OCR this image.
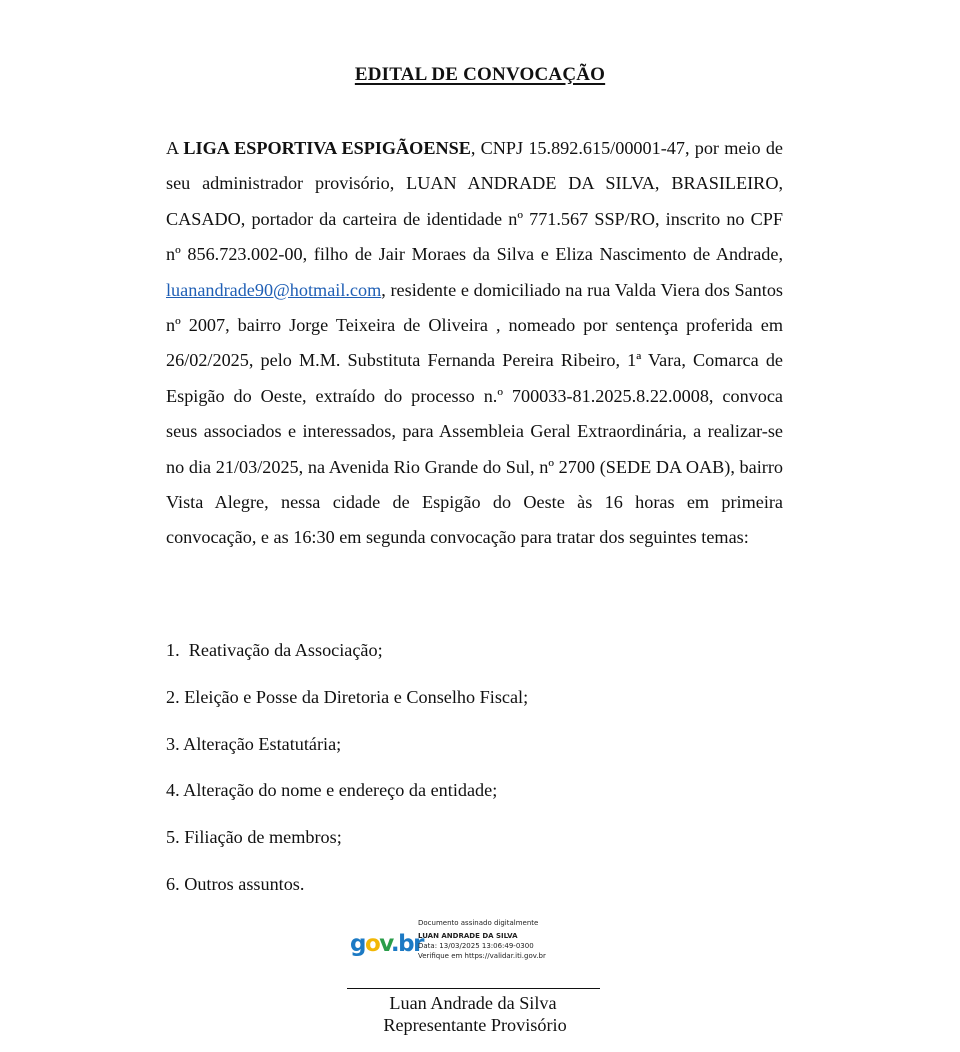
EDITAL DE CONVOCAÇÃO
A LIGA ESPORTIVA ESPIGÃOENSE, CNPJ 15.892.615/00001-47, por meio de seu administrador provisório, LUAN ANDRADE DA SILVA, BRASILEIRO, CASADO, portador da carteira de identidade nº 771.567 SSP/RO, inscrito no CPF nº 856.723.002-00, filho de Jair Moraes da Silva e Eliza Nascimento de Andrade, luanandrade90@hotmail.com, residente e domiciliado na rua Valda Viera dos Santos nº 2007, bairro Jorge Teixeira de Oliveira , nomeado por sentença proferida em 26/02/2025, pelo M.M. Substituta Fernanda Pereira Ribeiro, 1ª Vara, Comarca de Espigão do Oeste, extraído do processo n.º 700033-81.2025.8.22.0008, convoca seus associados e interessados, para Assembleia Geral Extraordinária, a realizar-se no dia 21/03/2025, na Avenida Rio Grande do Sul, nº 2700 (SEDE DA OAB), bairro Vista Alegre, nessa cidade de Espigão do Oeste às 16 horas em primeira convocação, e as 16:30 em segunda convocação para tratar dos seguintes temas:
1.  Reativação da Associação;
2. Eleição e Posse da Diretoria e Conselho Fiscal;
3. Alteração Estatutária;
4. Alteração do nome e endereço da entidade;
5. Filiação de membros;
6. Outros assuntos.
gov.br
Documento assinado digitalmente
LUAN ANDRADE DA SILVA
Data: 13/03/2025 13:06:49-0300
Verifique em https://validar.iti.gov.br
Luan Andrade da Silva
Representante Provisório
